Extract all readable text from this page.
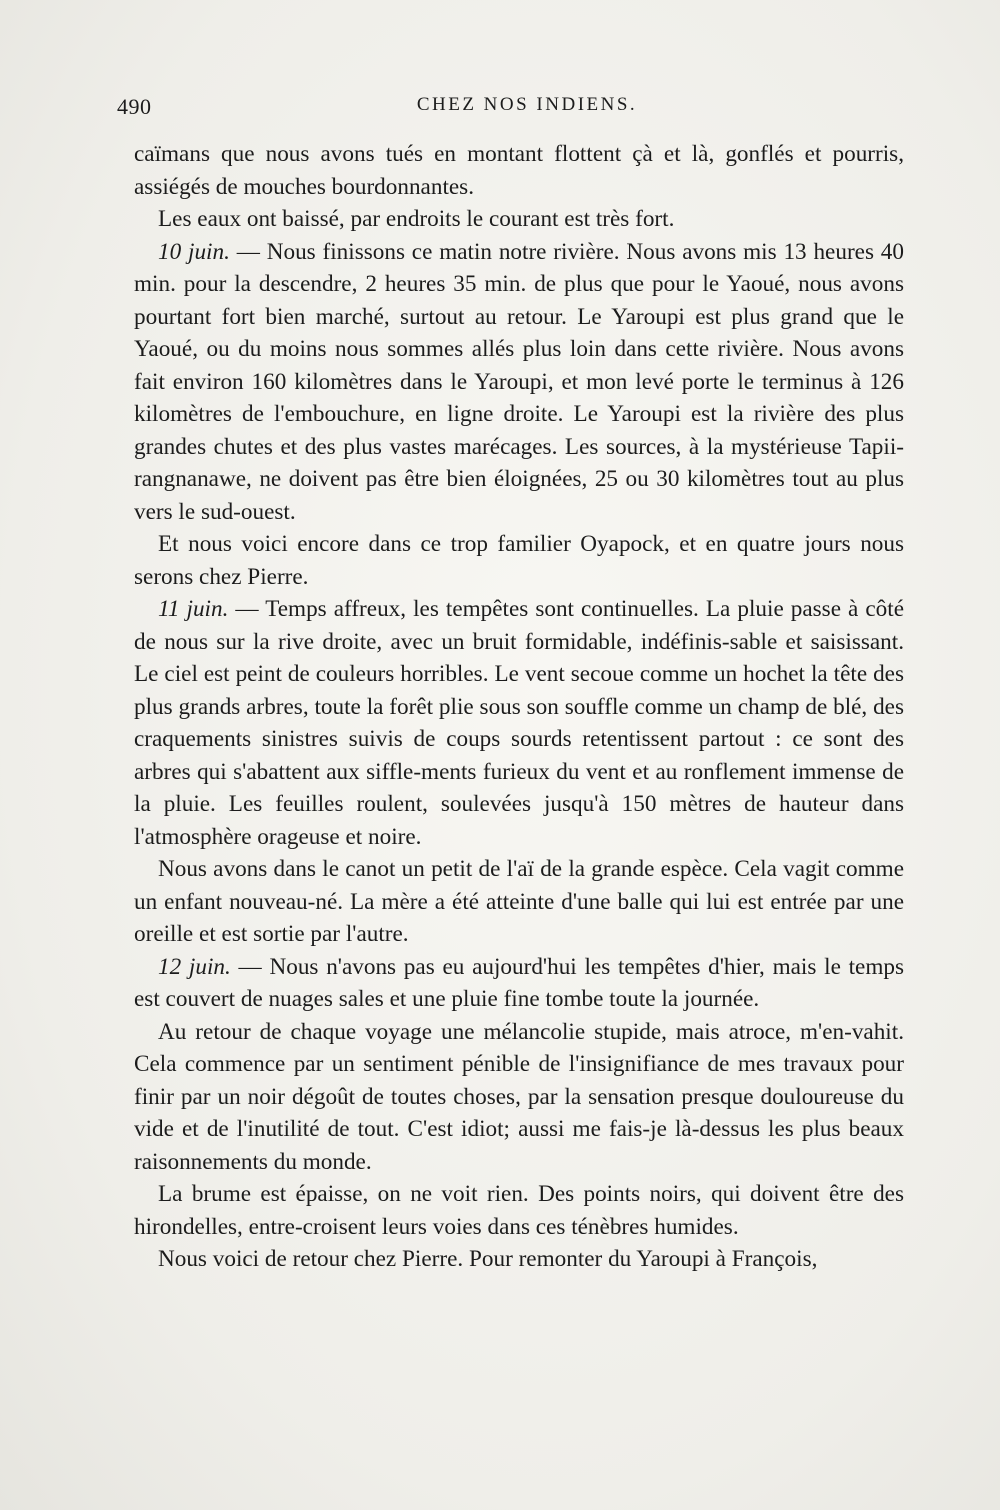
490	CHEZ NOS INDIENS.

caïmans que nous avons tués en montant flottent çà et là, gonflés et pourris, assiégés de mouches bourdonnantes.

Les eaux ont baissé, par endroits le courant est très fort.

10 juin. — Nous finissons ce matin notre rivière. Nous avons mis 13 heures 40 min. pour la descendre, 2 heures 35 min. de plus que pour le Yaoué, nous avons pourtant fort bien marché, surtout au retour. Le Yaroupi est plus grand que le Yaoué, ou du moins nous sommes allés plus loin dans cette rivière. Nous avons fait environ 160 kilomètres dans le Yaroupi, et mon levé porte le terminus à 126 kilomètres de l'embouchure, en ligne droite. Le Yaroupi est la rivière des plus grandes chutes et des plus vastes marécages. Les sources, à la mystérieuse Tapii-rangnanawe, ne doivent pas être bien éloignées, 25 ou 30 kilomètres tout au plus vers le sud-ouest.

Et nous voici encore dans ce trop familier Oyapock, et en quatre jours nous serons chez Pierre.

11 juin. — Temps affreux, les tempêtes sont continuelles. La pluie passe à côté de nous sur la rive droite, avec un bruit formidable, indéfinis-sable et saisissant. Le ciel est peint de couleurs horribles. Le vent secoue comme un hochet la tête des plus grands arbres, toute la forêt plie sous son souffle comme un champ de blé, des craquements sinistres suivis de coups sourds retentissent partout : ce sont des arbres qui s'abattent aux siffle-ments furieux du vent et au ronflement immense de la pluie. Les feuilles roulent, soulevées jusqu'à 150 mètres de hauteur dans l'atmosphère orageuse et noire.

Nous avons dans le canot un petit de l'aï de la grande espèce. Cela vagit comme un enfant nouveau-né. La mère a été atteinte d'une balle qui lui est entrée par une oreille et est sortie par l'autre.

12 juin. — Nous n'avons pas eu aujourd'hui les tempêtes d'hier, mais le temps est couvert de nuages sales et une pluie fine tombe toute la journée.

Au retour de chaque voyage une mélancolie stupide, mais atroce, m'en-vahit. Cela commence par un sentiment pénible de l'insignifiance de mes travaux pour finir par un noir dégoût de toutes choses, par la sensation presque douloureuse du vide et de l'inutilité de tout. C'est idiot; aussi me fais-je là-dessus les plus beaux raisonnements du monde.

La brume est épaisse, on ne voit rien. Des points noirs, qui doivent être des hirondelles, entre-croisent leurs voies dans ces ténèbres humides.

Nous voici de retour chez Pierre. Pour remonter du Yaroupi à François,
